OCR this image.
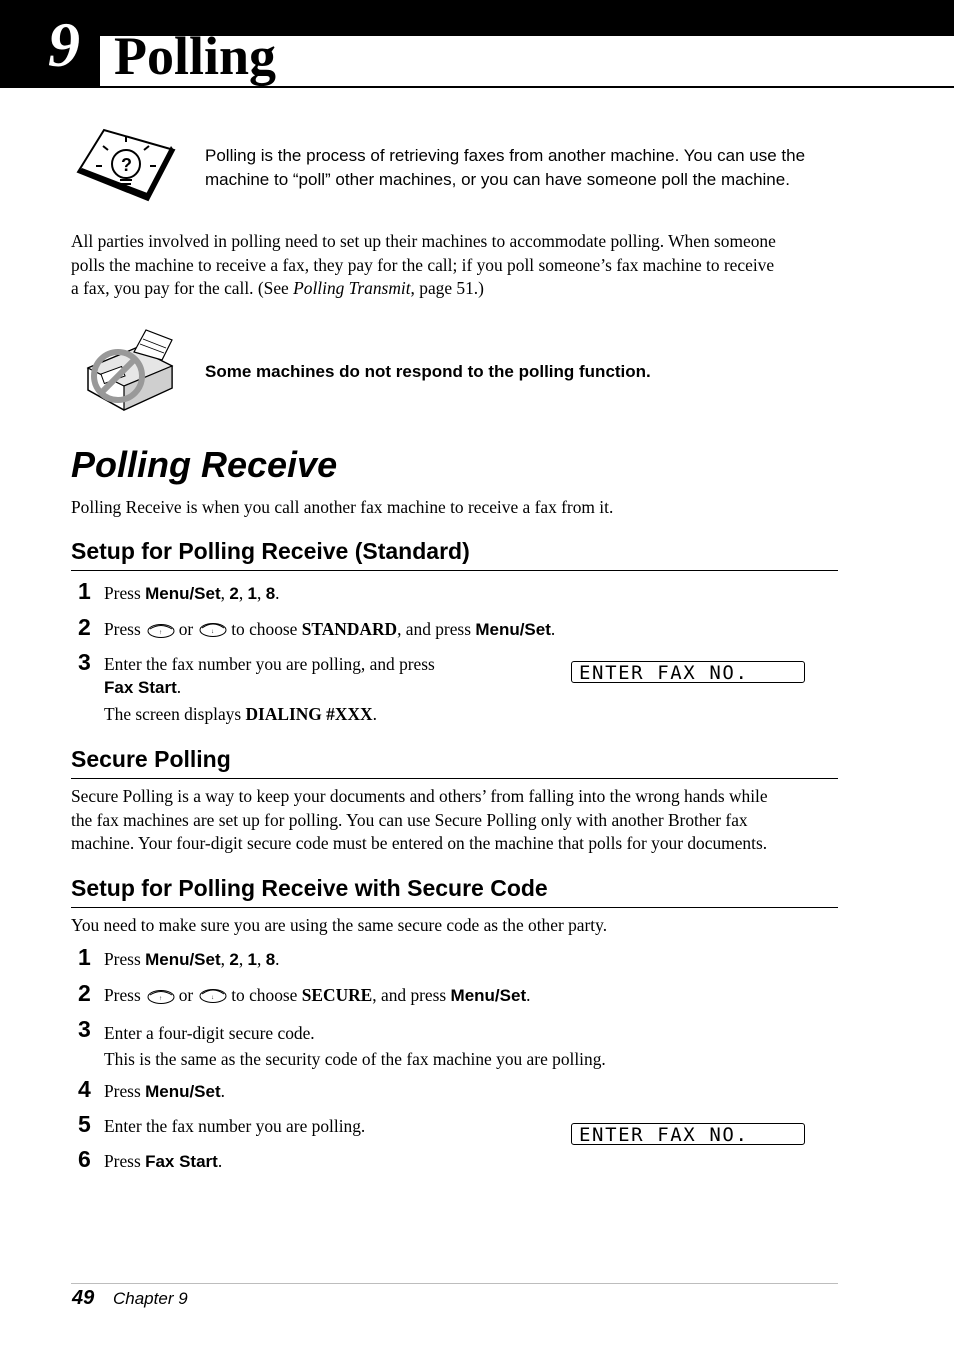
9 Polling
?	Polling is the process of retrieving faxes from another machine. You can use the
machine to “poll” other machines, or you can have someone poll the machine.
All parties involved in polling need to set up their machines to accommodate polling. When someone
polls the machine to receive a fax, they pay for the call; if you poll someone’s fax machine to receive
a fax, you pay for the call. (See Polling Transmit, page 51.)
Some machines do not respond to the polling function.
Polling Receive
Polling Receive is when you call another fax machine to receive a fax from it.
Setup for Polling Receive (Standard)
1 Press Menu/Set, 2, 1, 8.
2 Press	↑ or	↓ to choose STANDARD, and press Menu/Set.
3 Enter the fax number you are polling, and press
Fax Start.
The screen displays DIALING #XXX.
ENTER FAX NO.
Secure Polling
Secure Polling is a way to keep your documents and others’ from falling into the wrong hands while
the fax machines are set up for polling. You can use Secure Polling only with another Brother fax
machine. Your four-digit secure code must be entered on the machine that polls for your documents.
Setup for Polling Receive with Secure Code
You need to make sure you are using the same secure code as the other party.
1 Press Menu/Set, 2, 1, 8.
2 Press	↑ or	↓ to choose SECURE, and press Menu/Set.
3 Enter a four-digit secure code.
This is the same as the security code of the fax machine you are polling.
4 Press Menu/Set.
5 Enter the fax number you are polling.	ENTER FAX NO.
6 Press Fax Start.
49 Chapter 9
